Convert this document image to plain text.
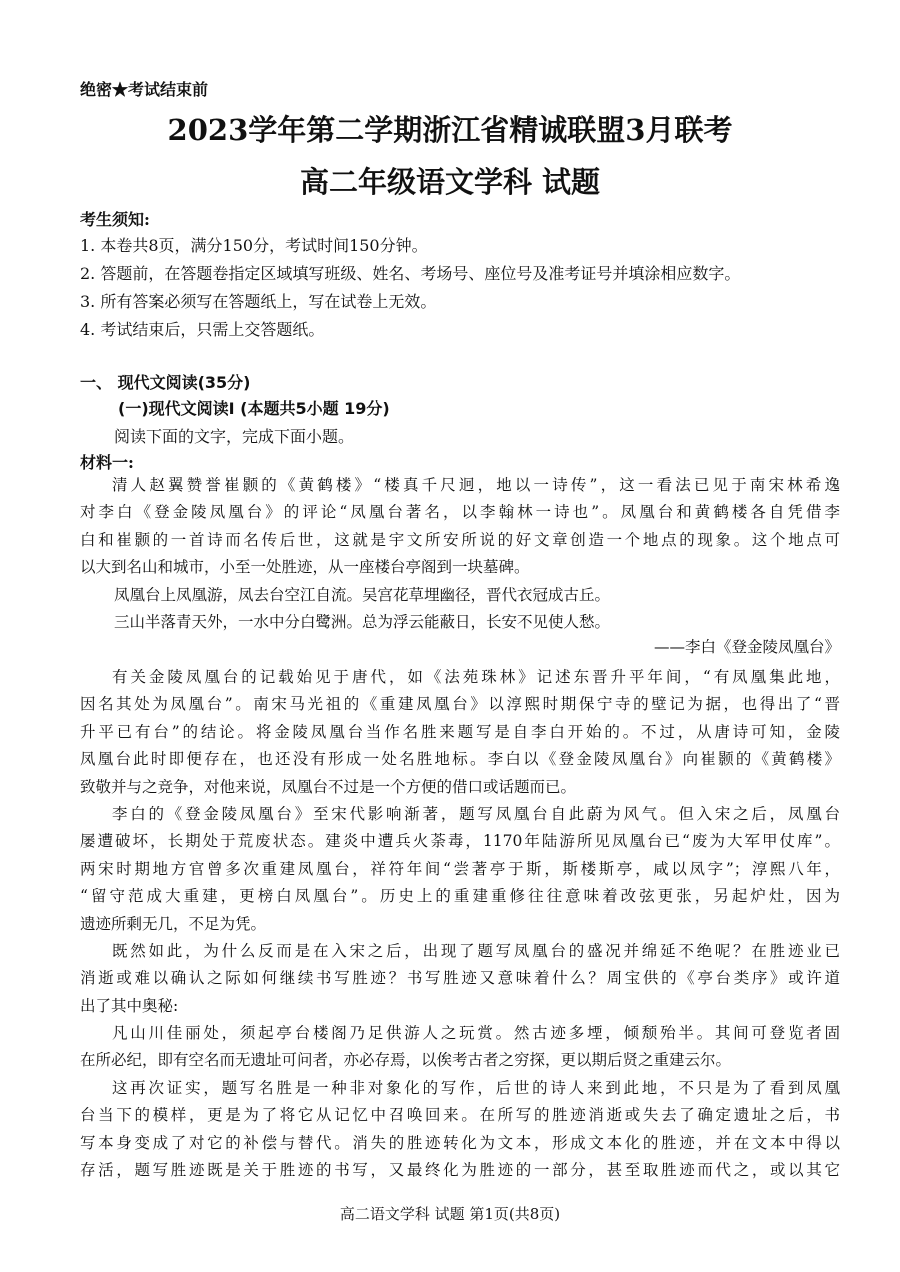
绝密★考试结束前
2023学年第二学期浙江省精诚联盟3月联考
高二年级语文学科 试题
考生须知:
1. 本卷共8页，满分150分，考试时间150分钟。
2. 答题前，在答题卷指定区域填写班级、姓名、考场号、座位号及准考证号并填涂相应数字。
3. 所有答案必须写在答题纸上，写在试卷上无效。
4. 考试结束后，只需上交答题纸。
一、 现代文阅读(35分)
(一)现代文阅读Ⅰ (本题共5小题 19分)
阅读下面的文字，完成下面小题。
材料一:
清人赵翼赞誉崔颢的《黄鹤楼》“楼真千尺迥，地以一诗传”，这一看法已见于南宋林希逸
对李白《登金陵凤凰台》的评论“凤凰台著名，以李翰林一诗也”。凤凰台和黄鹤楼各自凭借李
白和崔颢的一首诗而名传后世，这就是宇文所安所说的好文章创造一个地点的现象。这个地点可
以大到名山和城市，小至一处胜迹，从一座楼台亭阁到一块墓碑。
凤凰台上凤凰游，凤去台空江自流。吴宫花草埋幽径，晋代衣冠成古丘。
三山半落青天外，一水中分白鹭洲。总为浮云能蔽日，长安不见使人愁。
——李白《登金陵凤凰台》
有关金陵凤凰台的记载始见于唐代，如《法苑珠林》记述东晋升平年间，“有凤凰集此地，
因名其处为凤凰台”。南宋马光祖的《重建凤凰台》以淳熙时期保宁寺的壁记为据，也得出了“晋
升平已有台”的结论。将金陵凤凰台当作名胜来题写是自李白开始的。不过，从唐诗可知，金陵
凤凰台此时即便存在，也还没有形成一处名胜地标。李白以《登金陵凤凰台》向崔颢的《黄鹤楼》
致敬并与之竞争，对他来说，凤凰台不过是一个方便的借口或话题而已。
李白的《登金陵凤凰台》至宋代影响渐著，题写凤凰台自此蔚为风气。但入宋之后，凤凰台
屡遭破坏，长期处于荒废状态。建炎中遭兵火荼毒，1170年陆游所见凤凰台已“废为大军甲仗库”。
两宋时期地方官曾多次重建凤凰台，祥符年间“尝著亭于斯，斯楼斯亭，咸以凤字”；淳熙八年，
“留守范成大重建，更榜白凤凰台”。历史上的重建重修往往意味着改弦更张，另起炉灶，因为
遗迹所剩无几，不足为凭。
既然如此，为什么反而是在入宋之后，出现了题写凤凰台的盛况并绵延不绝呢？在胜迹业已
消逝或难以确认之际如何继续书写胜迹？书写胜迹又意味着什么？周宝供的《亭台类序》或许道
出了其中奥秘:
凡山川佳丽处，须起亭台楼阁乃足供游人之玩赏。然古迹多堙，倾颓殆半。其间可登览者固
在所必纪，即有空名而无遗址可问者，亦必存焉，以俟考古者之穷探，更以期后贤之重建云尔。
这再次证实，题写名胜是一种非对象化的写作，后世的诗人来到此地，不只是为了看到凤凰
台当下的模样，更是为了将它从记忆中召唤回来。在所写的胜迹消逝或失去了确定遗址之后，书
写本身变成了对它的补偿与替代。消失的胜迹转化为文本，形成文本化的胜迹，并在文本中得以
存活，题写胜迹既是关于胜迹的书写，又最终化为胜迹的一部分，甚至取胜迹而代之，或以其它
高二语文学科 试题 第1页(共8页)
